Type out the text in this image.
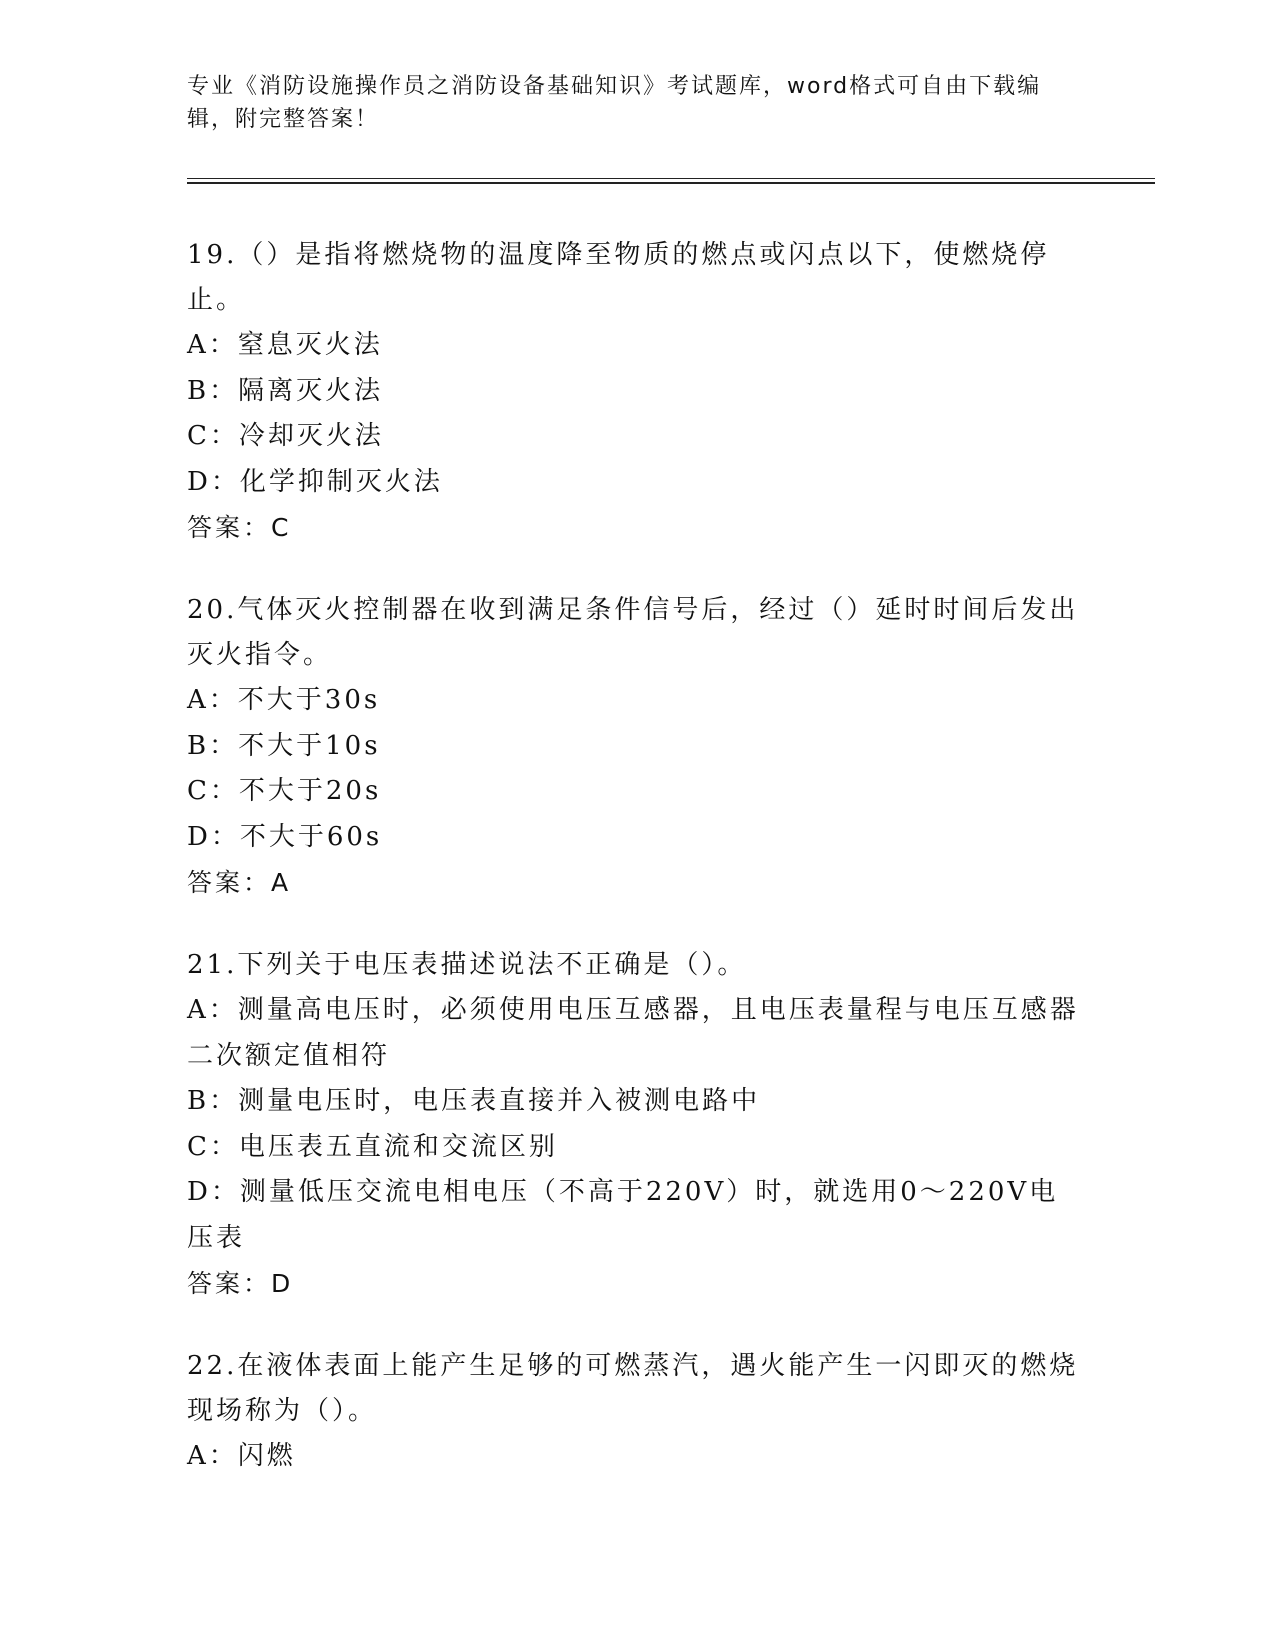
专业《消防设施操作员之消防设备基础知识》考试题库，word格式可自由下载编辑，附完整答案！

19.（）是指将燃烧物的温度降至物质的燃点或闪点以下，使燃烧停止。

A：窒息灭火法

B：隔离灭火法

C：冷却灭火法

D：化学抑制灭火法

答案：C

20.气体灭火控制器在收到满足条件信号后，经过（）延时时间后发出灭火指令。

A：不大于30s

B：不大于10s

C：不大于20s

D：不大于60s

答案：A

21.下列关于电压表描述说法不正确是（）。

A：测量高电压时，必须使用电压互感器，且电压表量程与电压互感器二次额定值相符

B：测量电压时，电压表直接并入被测电路中

C：电压表五直流和交流区别

D：测量低压交流电相电压（不高于220V）时，就选用0～220V电压表

答案：D

22.在液体表面上能产生足够的可燃蒸汽，遇火能产生一闪即灭的燃烧现场称为（）。

A：闪燃
